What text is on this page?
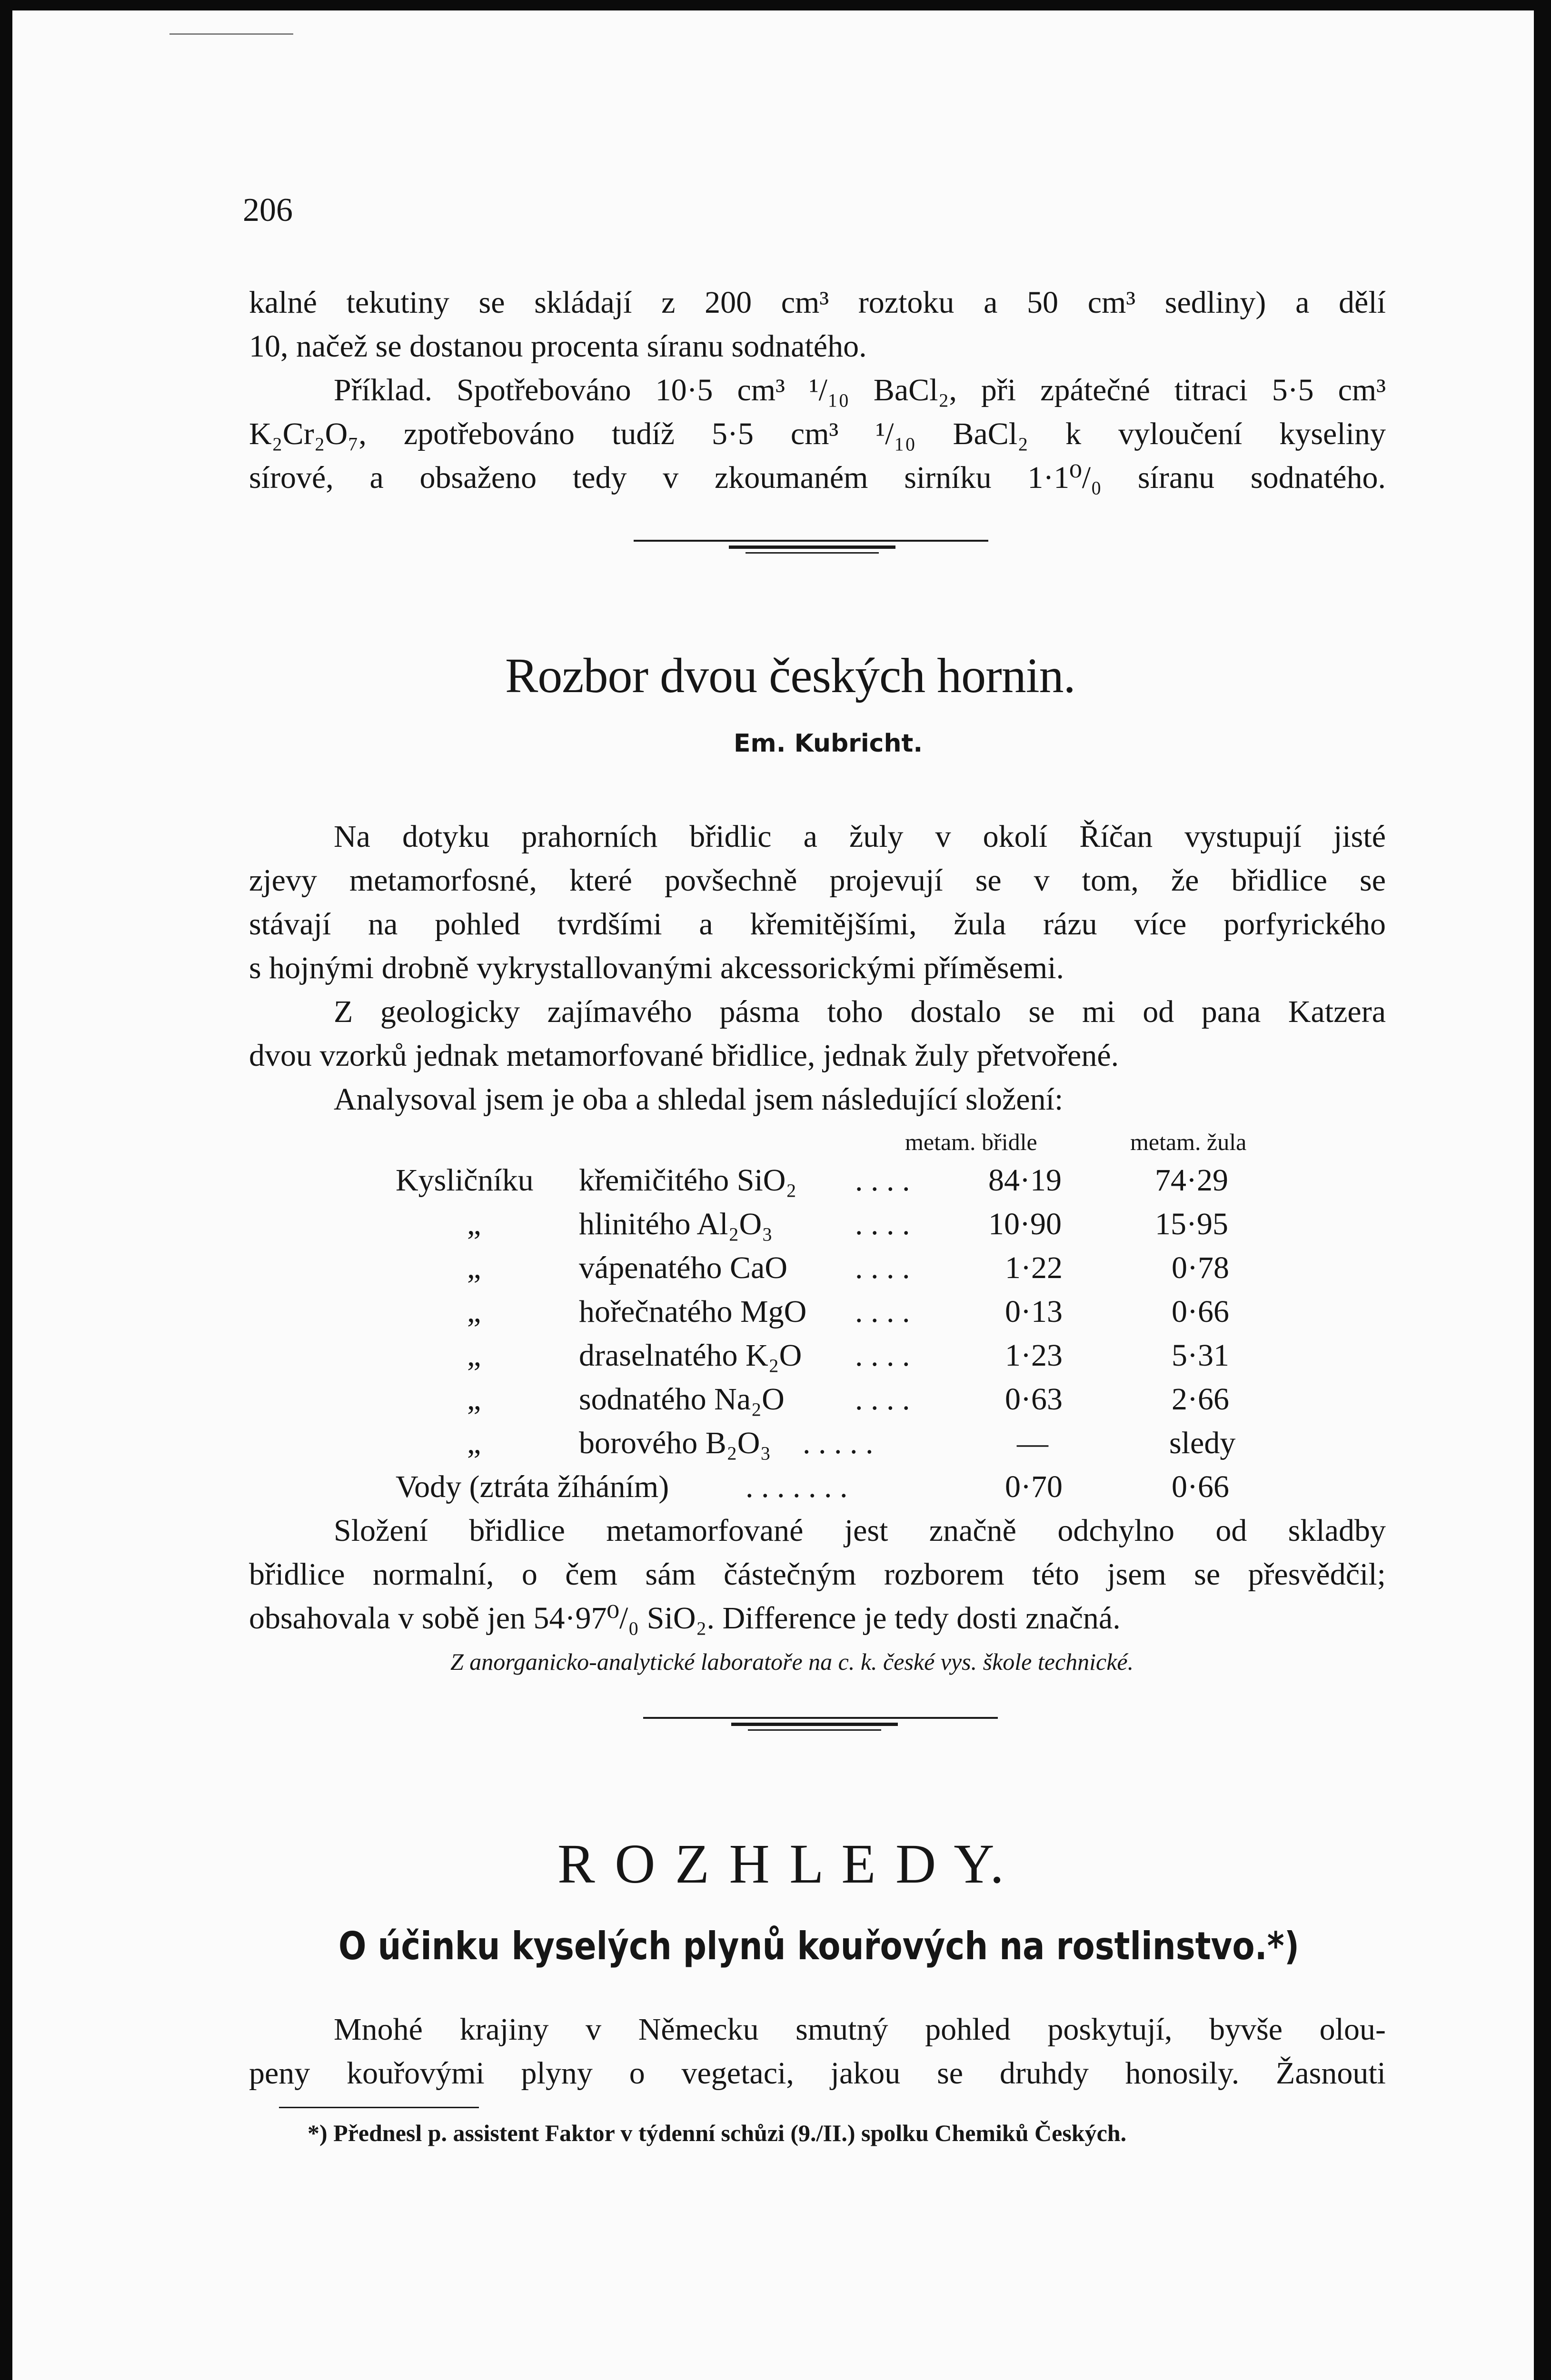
206
kalné tekutiny se skládají z 200 cm³ roztoku a 50 cm³ sedliny) a dělí
10, načež se dostanou procenta síranu sodnatého.
Příklad. Spotřebováno 10·5 cm³ ¹/₁₀ BaCl₂, při zpátečné titraci 5·5 cm³
K₂Cr₂O₇, zpotřebováno tudíž 5·5 cm³ ¹/₁₀ BaCl₂ k vyloučení kyseliny
sírové, a obsaženo tedy v zkoumaném sirníku 1·1⁰/₀ síranu sodnatého.
Rozbor dvou českých hornin.
Em. Kubricht.
Na dotyku prahorních břidlic a žuly v okolí Říčan vystupují jisté
zjevy metamorfosné, které povšechně projevují se v tom, že břidlice se
stávají na pohled tvrdšími a křemitějšími, žula rázu více porfyrického
s hojnými drobně vykrystallovanými akcessorickými příměsemi.
Z geologicky zajímavého pásma toho dostalo se mi od pana Katzera
dvou vzorků jednak metamorfované břidlice, jednak žuly přetvořené.
Analysoval jsem je oba a shledal jsem následující složení:
metam. břidle	metam. žula
Kysličníku křemičitého SiO₂ . . . . 84·19	74·29
„	hlinitého Al₂O₃	. . . . 10·90	15·95
„	vápenatého CaO . . . .	1·22	0·78
„	hořečnatého MgO . . . .	0·13	0·66
„	draselnatého K₂O . . . .	1·23	5·31
„	sodnatého Na₂O . . . .	0·63	2·66
„	borového B₂O₃ . . . . .	—	sledy
Vody (ztráta žíháním) . . . . . . .	0·70	0·66
Složení břidlice metamorfované jest značně odchylno od skladby
břidlice normalní, o čem sám částečným rozborem této jsem se přesvědčil;
obsahovala v sobě jen 54·97⁰/₀ SiO₂. Difference je tedy dosti značná.
Z anorganicko-analytické laboratoře na c. k. české vys. škole technické.
R O Z H L E D Y.
O účinku kyselých plynů kouřových na rostlinstvo.*)
Mnohé krajiny v Německu smutný pohled poskytují, byvše olou-
peny kouřovými plyny o vegetaci, jakou se druhdy honosily. Žasnouti
*) Přednesl p. assistent Faktor v týdenní schůzi (9./II.) spolku Chemiků Českých.
